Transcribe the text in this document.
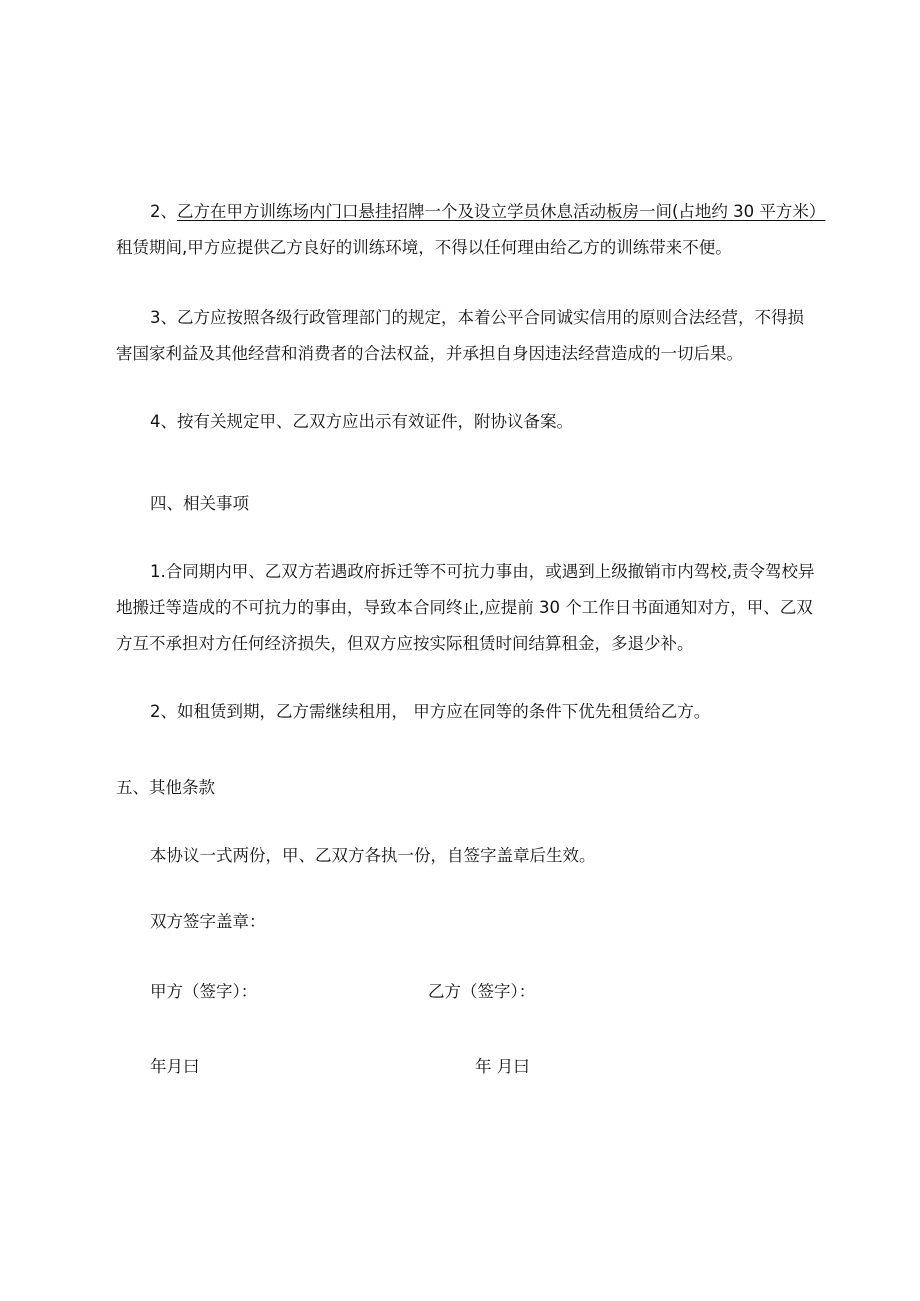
2、乙方在甲方训练场内门口悬挂招牌一个及设立学员休息活动板房一间(占地约 30 平方米）
租赁期间,甲方应提供乙方良好的训练环境，不得以任何理由给乙方的训练带来不便。
3、乙方应按照各级行政管理部门的规定，本着公平合同诚实信用的原则合法经营，不得损
害国家利益及其他经营和消费者的合法权益，并承担自身因违法经营造成的一切后果。
4、按有关规定甲、乙双方应出示有效证件，附协议备案。
四、相关事项
1.合同期内甲、乙双方若遇政府拆迁等不可抗力事由，或遇到上级撤销市内驾校,责令驾校异
地搬迁等造成的不可抗力的事由，导致本合同终止,应提前 30 个工作日书面通知对方，甲、乙双
方互不承担对方任何经济损失，但双方应按实际租赁时间结算租金，多退少补。
2、如租赁到期，乙方需继续租用， 甲方应在同等的条件下优先租赁给乙方。
五、其他条款
本协议一式两份，甲、乙双方各执一份，自签字盖章后生效。
双方签字盖章：
甲方（签字）：	乙方（签字）：
年月曰	年 月曰
